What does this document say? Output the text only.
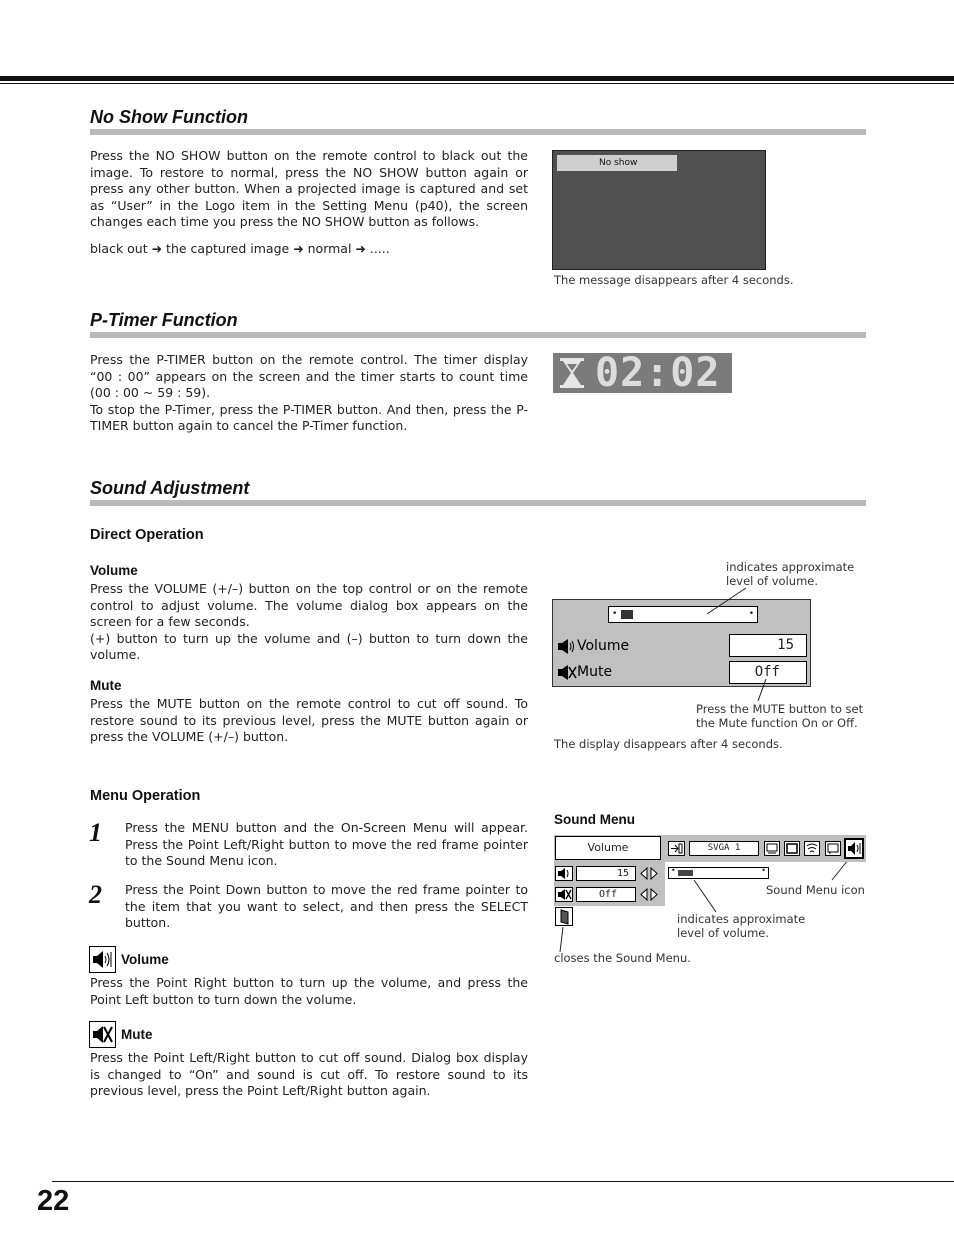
No Show Function

Press the NO SHOW button on the remote control to black out the image. To restore to normal, press the NO SHOW button again or press any other button. When a projected image is captured and set as “User” in the Logo item in the Setting Menu (p40), the screen changes each time you press the NO SHOW button as follows.

black out ➜ the captured image ➜ normal ➜ .....

No show
The message disappears after 4 seconds.
P-Timer Function

Press the P-TIMER button on the remote control. The timer display “00 : 00” appears on the screen and the timer starts to count time (00 : 00 ~ 59 : 59).

To stop the P-Timer, press the P-TIMER button. And then, press the P-TIMER button again to cancel the P-Timer function.

02:02
Sound Adjustment
Direct Operation
Volume

Press the VOLUME (+/–) button on the top control or on the remote control to adjust volume. The volume dialog box appears on the screen for a few seconds.

(+) button to turn up the volume and (–) button to turn down the volume.

Mute

Press the MUTE button on the remote control to cut off sound. To restore sound to its previous level, press the MUTE button again or press the VOLUME (+/–) button.

indicates approximate
level of volume.
•	•
Volume	15
Mute	Off
Press the MUTE button to set
the Mute function On or Off.
The display disappears after 4 seconds.
Menu Operation
1 Press the MENU button and the On-Screen Menu will appear. Press the Point Left/Right button to move the red frame pointer to the Sound Menu icon.

2 Press the Point Down button to move the red frame pointer to the item that you want to select, and then press the SELECT button.

Volume

Press the Point Right button to turn up the volume, and press the Point Left button to turn down the volume.

Mute

Press the Point Left/Right button to cut off sound. Dialog box display is changed to “On” and sound is cut off. To restore sound to its previous level, press the Point Left/Right button again.

Sound Menu
Volume
15
Off
SVGA 1
•	•
Sound Menu icon
indicates approximate
level of volume.
closes the Sound Menu.
22
